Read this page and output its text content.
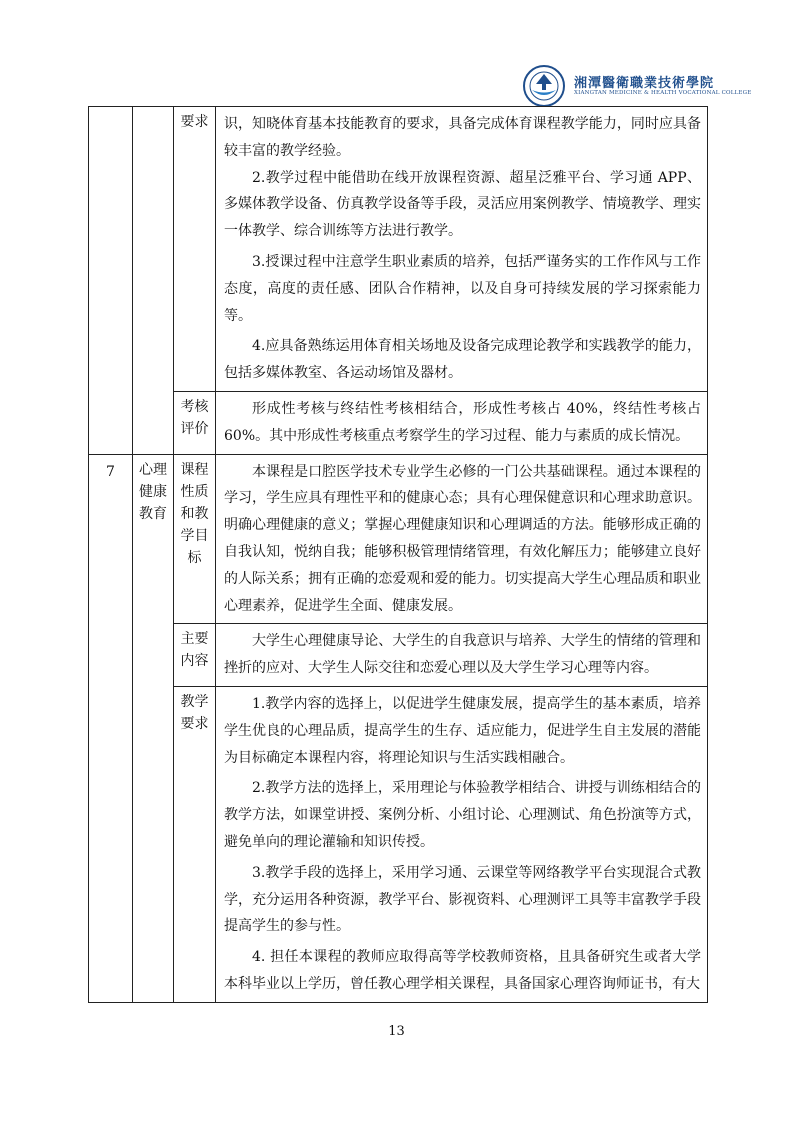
湘潭醫衛職業技術學院
XIANGTAN MEDICINE & HEALTH VOCATIONAL COLLEGE
		要求	识，知晓体育基本技能教育的要求，具备完成体育课程教学能力，同时应具备较丰富的教学经验。

2.教学过程中能借助在线开放课程资源、超星泛雅平台、学习通 APP、多媒体教学设备、仿真教学设备等手段，灵活应用案例教学、情境教学、理实一体教学、综合训练等方法进行教学。

3.授课过程中注意学生职业素质的培养，包括严谨务实的工作作风与工作态度，高度的责任感、团队合作精神，以及自身可持续发展的学习探索能力等。

4.应具备熟练运用体育相关场地及设备完成理论教学和实践教学的能力，包括多媒体教室、各运动场馆及器材。

		考核评价	形成性考核与终结性考核相结合，形成性考核占 40%，终结性考核占 60%。其中形成性考核重点考察学生的学习过程、能力与素质的成长情况。

7	心理健康教育	课程性质和教学目标	本课程是口腔医学技术专业学生必修的一门公共基础课程。通过本课程的学习，学生应具有理性平和的健康心态；具有心理保健意识和心理求助意识。明确心理健康的意义；掌握心理健康知识和心理调适的方法。能够形成正确的自我认知，悦纳自我；能够积极管理情绪管理，有效化解压力；能够建立良好的人际关系；拥有正确的恋爱观和爱的能力。切实提高大学生心理品质和职业心理素养，促进学生全面、健康发展。

		主要内容	大学生心理健康导论、大学生的自我意识与培养、大学生的情绪的管理和挫折的应对、大学生人际交往和恋爱心理以及大学生学习心理等内容。

		教学要求	1.教学内容的选择上，以促进学生健康发展，提高学生的基本素质，培养学生优良的心理品质，提高学生的生存、适应能力，促进学生自主发展的潜能为目标确定本课程内容，将理论知识与生活实践相融合。

2.教学方法的选择上，采用理论与体验教学相结合、讲授与训练相结合的教学方法，如课堂讲授、案例分析、小组讨论、心理测试、角色扮演等方式，避免单向的理论灌输和知识传授。

3.教学手段的选择上，采用学习通、云课堂等网络教学平台实现混合式教学，充分运用各种资源，教学平台、影视资料、心理测评工具等丰富教学手段提高学生的参与性。

4. 担任本课程的教师应取得高等学校教师资格，且具备研究生或者大学本科毕业以上学历，曾任教心理学相关课程，具备国家心理咨询师证书，有大

13
